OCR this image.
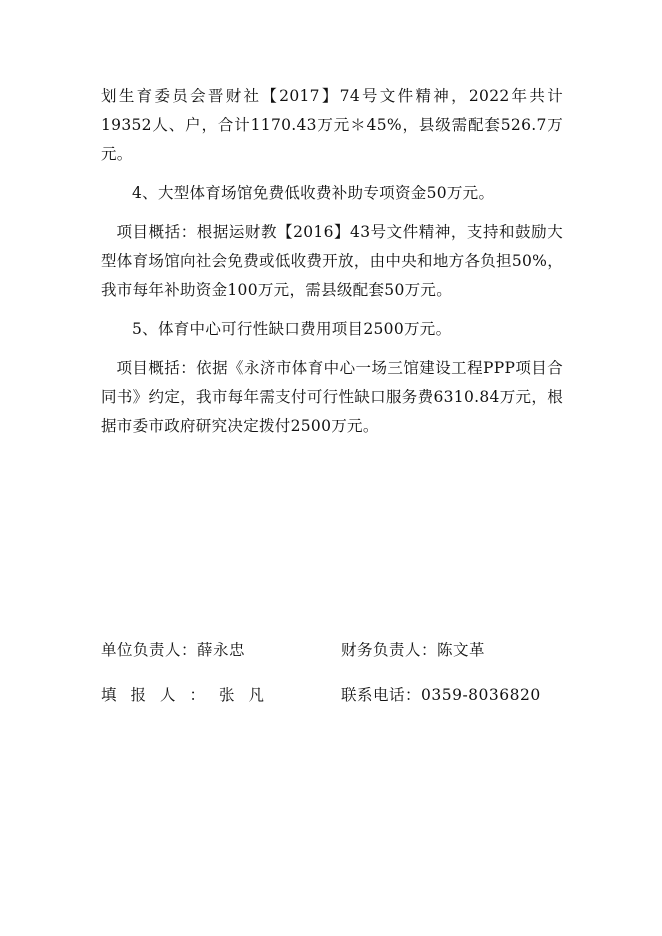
划生育委员会晋财社【2017】74号文件精神，2022年共计19352人、户，合计1170.43万元＊45%，县级需配套526.7万元。

4、大型体育场馆免费低收费补助专项资金50万元。

项目概括：根据运财教【2016】43号文件精神，支持和鼓励大型体育场馆向社会免费或低收费开放，由中央和地方各负担50%，我市每年补助资金100万元，需县级配套50万元。

5、体育中心可行性缺口费用项目2500万元。

项目概括：依据《永济市体育中心一场三馆建设工程PPP项目合同书》约定，我市每年需支付可行性缺口服务费6310.84万元，根据市委市政府研究决定拨付2500万元。

单位负责人：薛永忠	财务负责人：陈文革
填报人：张凡	联系电话：0359-8036820
